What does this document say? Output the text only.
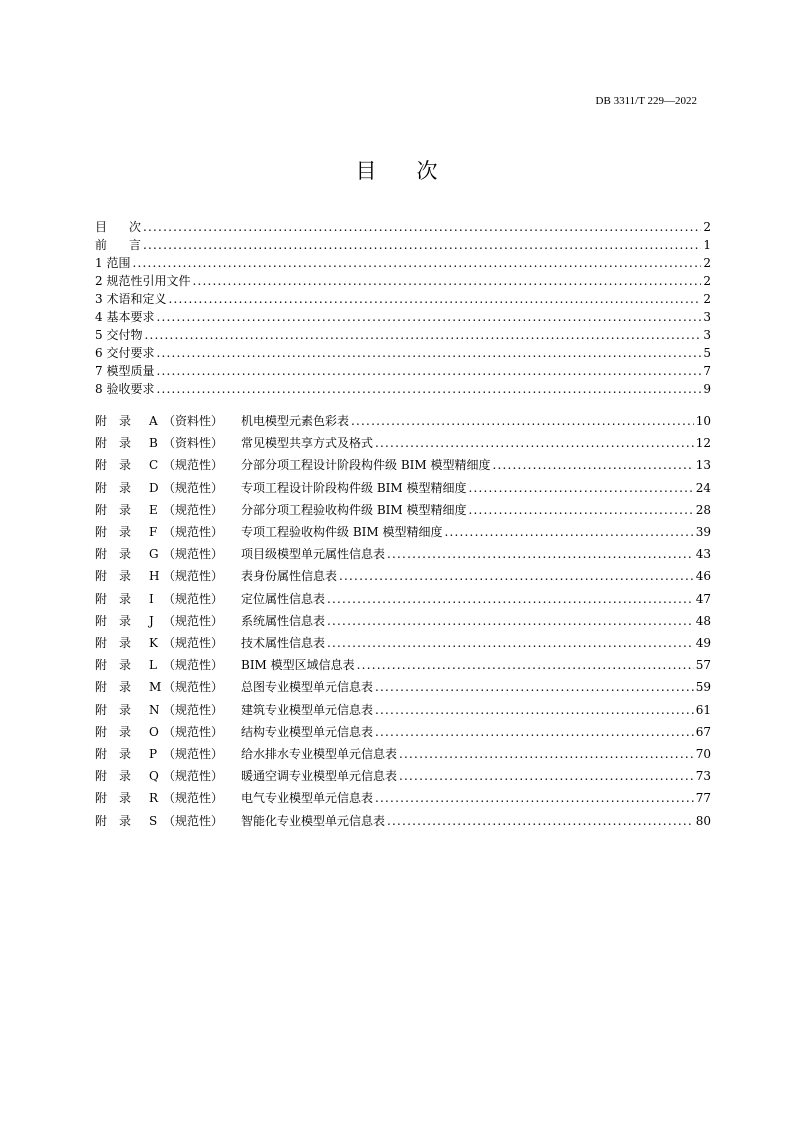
DB 3311/T 229—2022
目 次
目 次 .....	2
前 言 .....	1
1 范围 .....	2
2 规范性引用文件 .....	2
3 术语和定义 .....	2
4 基本要求 .....	3
5 交付物 .....	3
6 交付要求 .....	5
7 模型质量 .....	7
8 验收要求 .....	9
附 录 A （资料性） 机电模型元素色彩表 .....	10
附 录 B （资料性） 常见模型共享方式及格式 .....	12
附 录 C （规范性） 分部分项工程设计阶段构件级 BIM 模型精细度 .....	13
附 录 D （规范性） 专项工程设计阶段构件级 BIM 模型精细度 .....	24
附 录 E （规范性） 分部分项工程验收构件级 BIM 模型精细度 .....	28
附 录 F （规范性） 专项工程验收构件级 BIM 模型精细度 .....	39
附 录 G （规范性） 项目级模型单元属性信息表 .....	43
附 录 H （规范性） 表身份属性信息表 .....	46
附 录 I （规范性） 定位属性信息表 .....	47
附 录 J （规范性） 系统属性信息表 .....	48
附 录 K （规范性） 技术属性信息表 .....	49
附 录 L （规范性） BIM 模型区域信息表 .....	57
附 录 M （规范性） 总图专业模型单元信息表 .....	59
附 录 N （规范性） 建筑专业模型单元信息表 .....	61
附 录 O （规范性） 结构专业模型单元信息表 .....	67
附 录 P （规范性） 给水排水专业模型单元信息表 .....	70
附 录 Q （规范性） 暖通空调专业模型单元信息表 .....	73
附 录 R （规范性） 电气专业模型单元信息表 .....	77
附 录 S （规范性） 智能化专业模型单元信息表 .....	80
